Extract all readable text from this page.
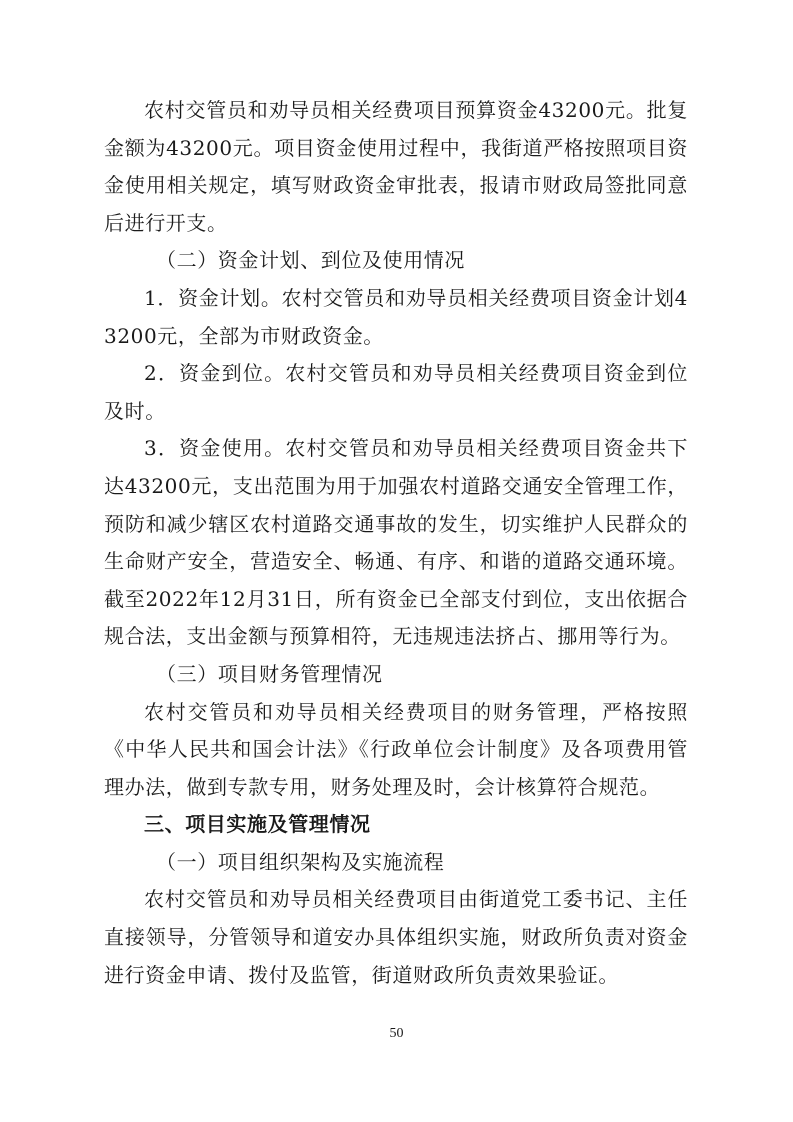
农村交管员和劝导员相关经费项目预算资金43200元。批复金额为43200元。项目资金使用过程中，我街道严格按照项目资金使用相关规定，填写财政资金审批表，报请市财政局签批同意后进行开支。

（二）资金计划、到位及使用情况

1．资金计划。农村交管员和劝导员相关经费项目资金计划43200元，全部为市财政资金。

2．资金到位。农村交管员和劝导员相关经费项目资金到位及时。

3．资金使用。农村交管员和劝导员相关经费项目资金共下达43200元，支出范围为用于加强农村道路交通安全管理工作，预防和减少辖区农村道路交通事故的发生，切实维护人民群众的生命财产安全，营造安全、畅通、有序、和谐的道路交通环境。截至2022年12月31日，所有资金已全部支付到位，支出依据合规合法，支出金额与预算相符，无违规违法挤占、挪用等行为。

（三）项目财务管理情况

农村交管员和劝导员相关经费项目的财务管理，严格按照《中华人民共和国会计法》《行政单位会计制度》及各项费用管理办法，做到专款专用，财务处理及时，会计核算符合规范。

三、项目实施及管理情况

（一）项目组织架构及实施流程

农村交管员和劝导员相关经费项目由街道党工委书记、主任直接领导，分管领导和道安办具体组织实施，财政所负责对资金进行资金申请、拨付及监管，街道财政所负责效果验证。

50
